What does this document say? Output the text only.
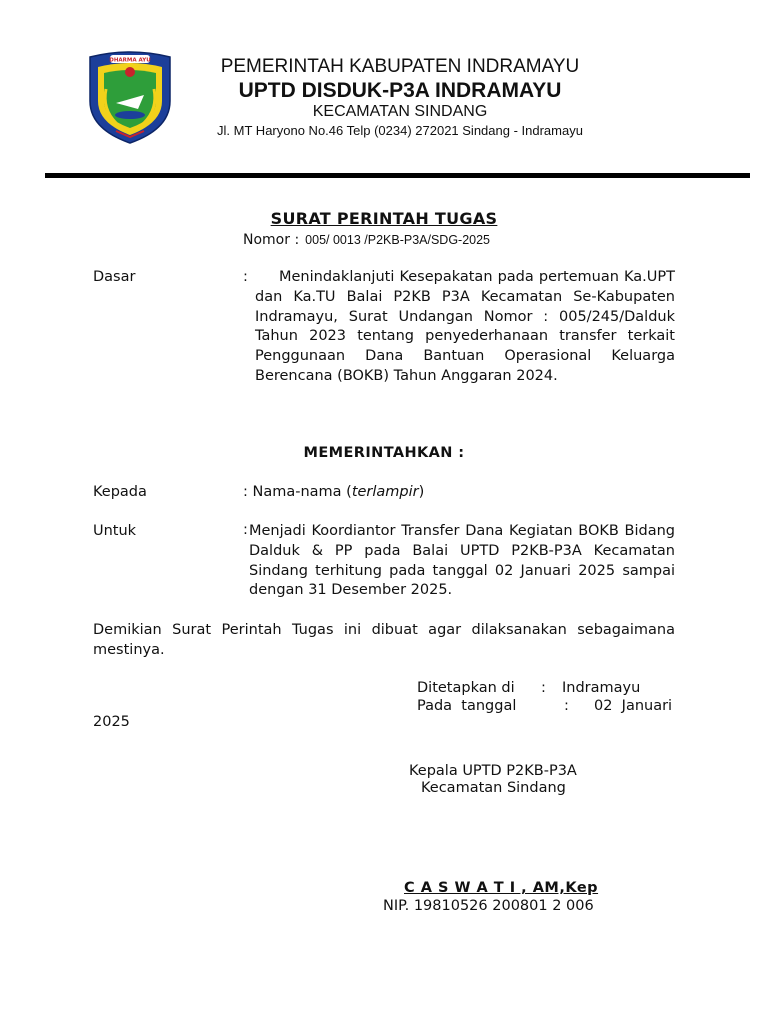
DHARMA AYU	PEMERINTAH KABUPATEN INDRAMAYU
UPTD DISDUK-P3A INDRAMAYU
KECAMATAN SINDANG
Jl. MT Haryono No.46 Telp (0234) 272021 Sindang - Indramayu
SURAT PERINTAH TUGAS
Nomor : 005/ 0013 /P2KB-P3A/SDG-2025
Dasar	:	Menindaklanjuti Kesepakatan pada pertemuan Ka.UPT dan Ka.TU Balai P2KB P3A Kecamatan Se-Kabupaten Indramayu, Surat Undangan Nomor : 005/245/Dalduk Tahun 2023 tentang penyederhanaan transfer terkait Penggunaan Dana Bantuan Operasional Keluarga Berencana (BOKB) Tahun Anggaran 2024.
MEMERINTAHKAN :
Kepada	: Nama-nama (terlampir)
Untuk	: Menjadi Koordiantor Transfer Dana Kegiatan BOKB Bidang Dalduk & PP pada Balai UPTD P2KB-P3A Kecamatan Sindang terhitung pada tanggal 02 Januari 2025 sampai dengan 31 Desember 2025.
Demikian Surat Perintah Tugas ini dibuat agar dilaksanakan sebagaimana mestinya.
Ditetapkan di : Indramayu
Pada  tanggal	: 02  Januari
2025
Kepala UPTD P2KB-P3A
Kecamatan Sindang
C A S W A T I , AM,Kep
NIP. 19810526 200801 2 006
